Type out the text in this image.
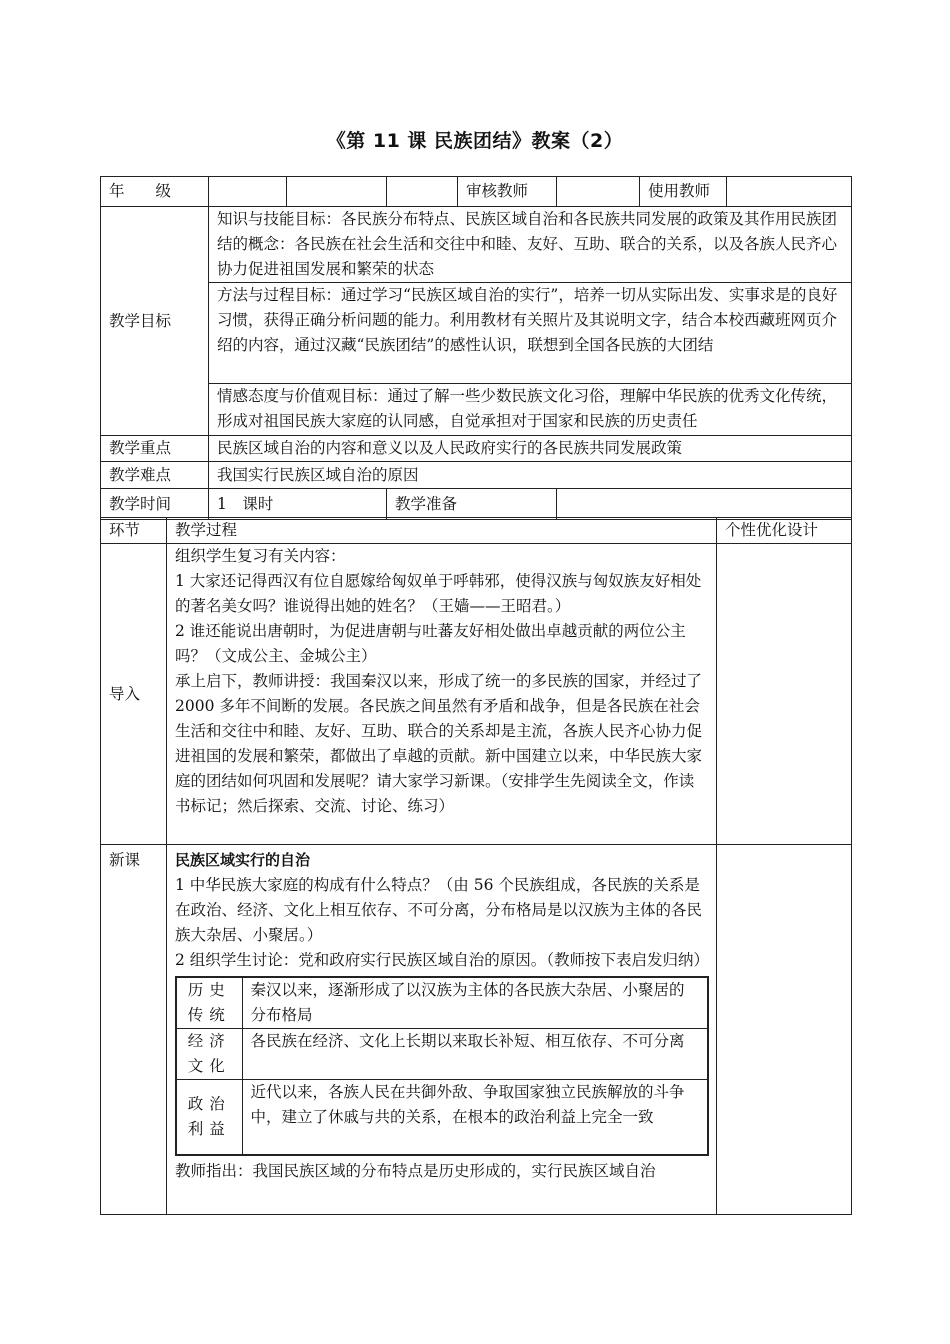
《第 11 课 民族团结》教案（2）
年　　级				审核教师		使用教师	
教学目标	知识与技能目标：各民族分布特点、民族区域自治和各民族共同发展的政策及其作用民族团结的概念：各民族在社会生活和交往中和睦、友好、互助、联合的关系，以及各族人民齐心协力促进祖国发展和繁荣的状态						
	方法与过程目标：通过学习“民族区域自治的实行”，培养一切从实际出发、实事求是的良好习惯，获得正确分析问题的能力。利用教材有关照片及其说明文字，结合本校西藏班网页介绍的内容，通过汉藏“民族团结”的感性认识，联想到全国各民族的大团结						
	情感态度与价值观目标：通过了解一些少数民族文化习俗，理解中华民族的优秀文化传统，形成对祖国民族大家庭的认同感，自觉承担对于国家和民族的历史责任						
教学重点	民族区域自治的内容和意义以及人民政府实行的各民族共同发展政策						
教学难点	我国实行民族区域自治的原因						
教学时间	1　课时		教学准备				
环节	教学过程	个性优化设计
导入	

组织学生复习有关内容：

1 大家还记得西汉有位自愿嫁给匈奴单于呼韩邪，使得汉族与匈奴族友好相处的著名美女吗？谁说得出她的姓名？（王嫱——王昭君。）

2 谁还能说出唐朝时，为促进唐朝与吐蕃友好相处做出卓越贡献的两位公主吗？（文成公主、金城公主）

承上启下，教师讲授：我国秦汉以来，形成了统一的多民族的国家，并经过了 2000 多年不间断的发展。各民族之间虽然有矛盾和战争，但是各民族在社会生活和交往中和睦、友好、互助、联合的关系却是主流，各族人民齐心协力促进祖国的发展和繁荣，都做出了卓越的贡献。新中国建立以来，中华民族大家庭的团结如何巩固和发展呢？请大家学习新课。（安排学生先阅读全文，作读书标记；然后探索、交流、讨论、练习）

新课	民族区域实行的自治

1 中华民族大家庭的构成有什么特点？（由 56 个民族组成，各民族的关系是在政治、经济、文化上相互依存、不可分离，分布格局是以汉族为主体的各民族大杂居、小聚居。）

2 组织学生讨论：党和政府实行民族区域自治的原因。（教师按下表启发归纳）

历史传统	秦汉以来，逐渐形成了以汉族为主体的各民族大杂居、小聚居的分布格局
经济文化	各民族在经济、文化上长期以来取长补短、相互依存、不可分离
政治利益	近代以来，各族人民在共御外敌、争取国家独立民族解放的斗争中，建立了休戚与共的关系，在根本的政治利益上完全一致

教师指出：我国民族区域的分布特点是历史形成的，实行民族区域自治
